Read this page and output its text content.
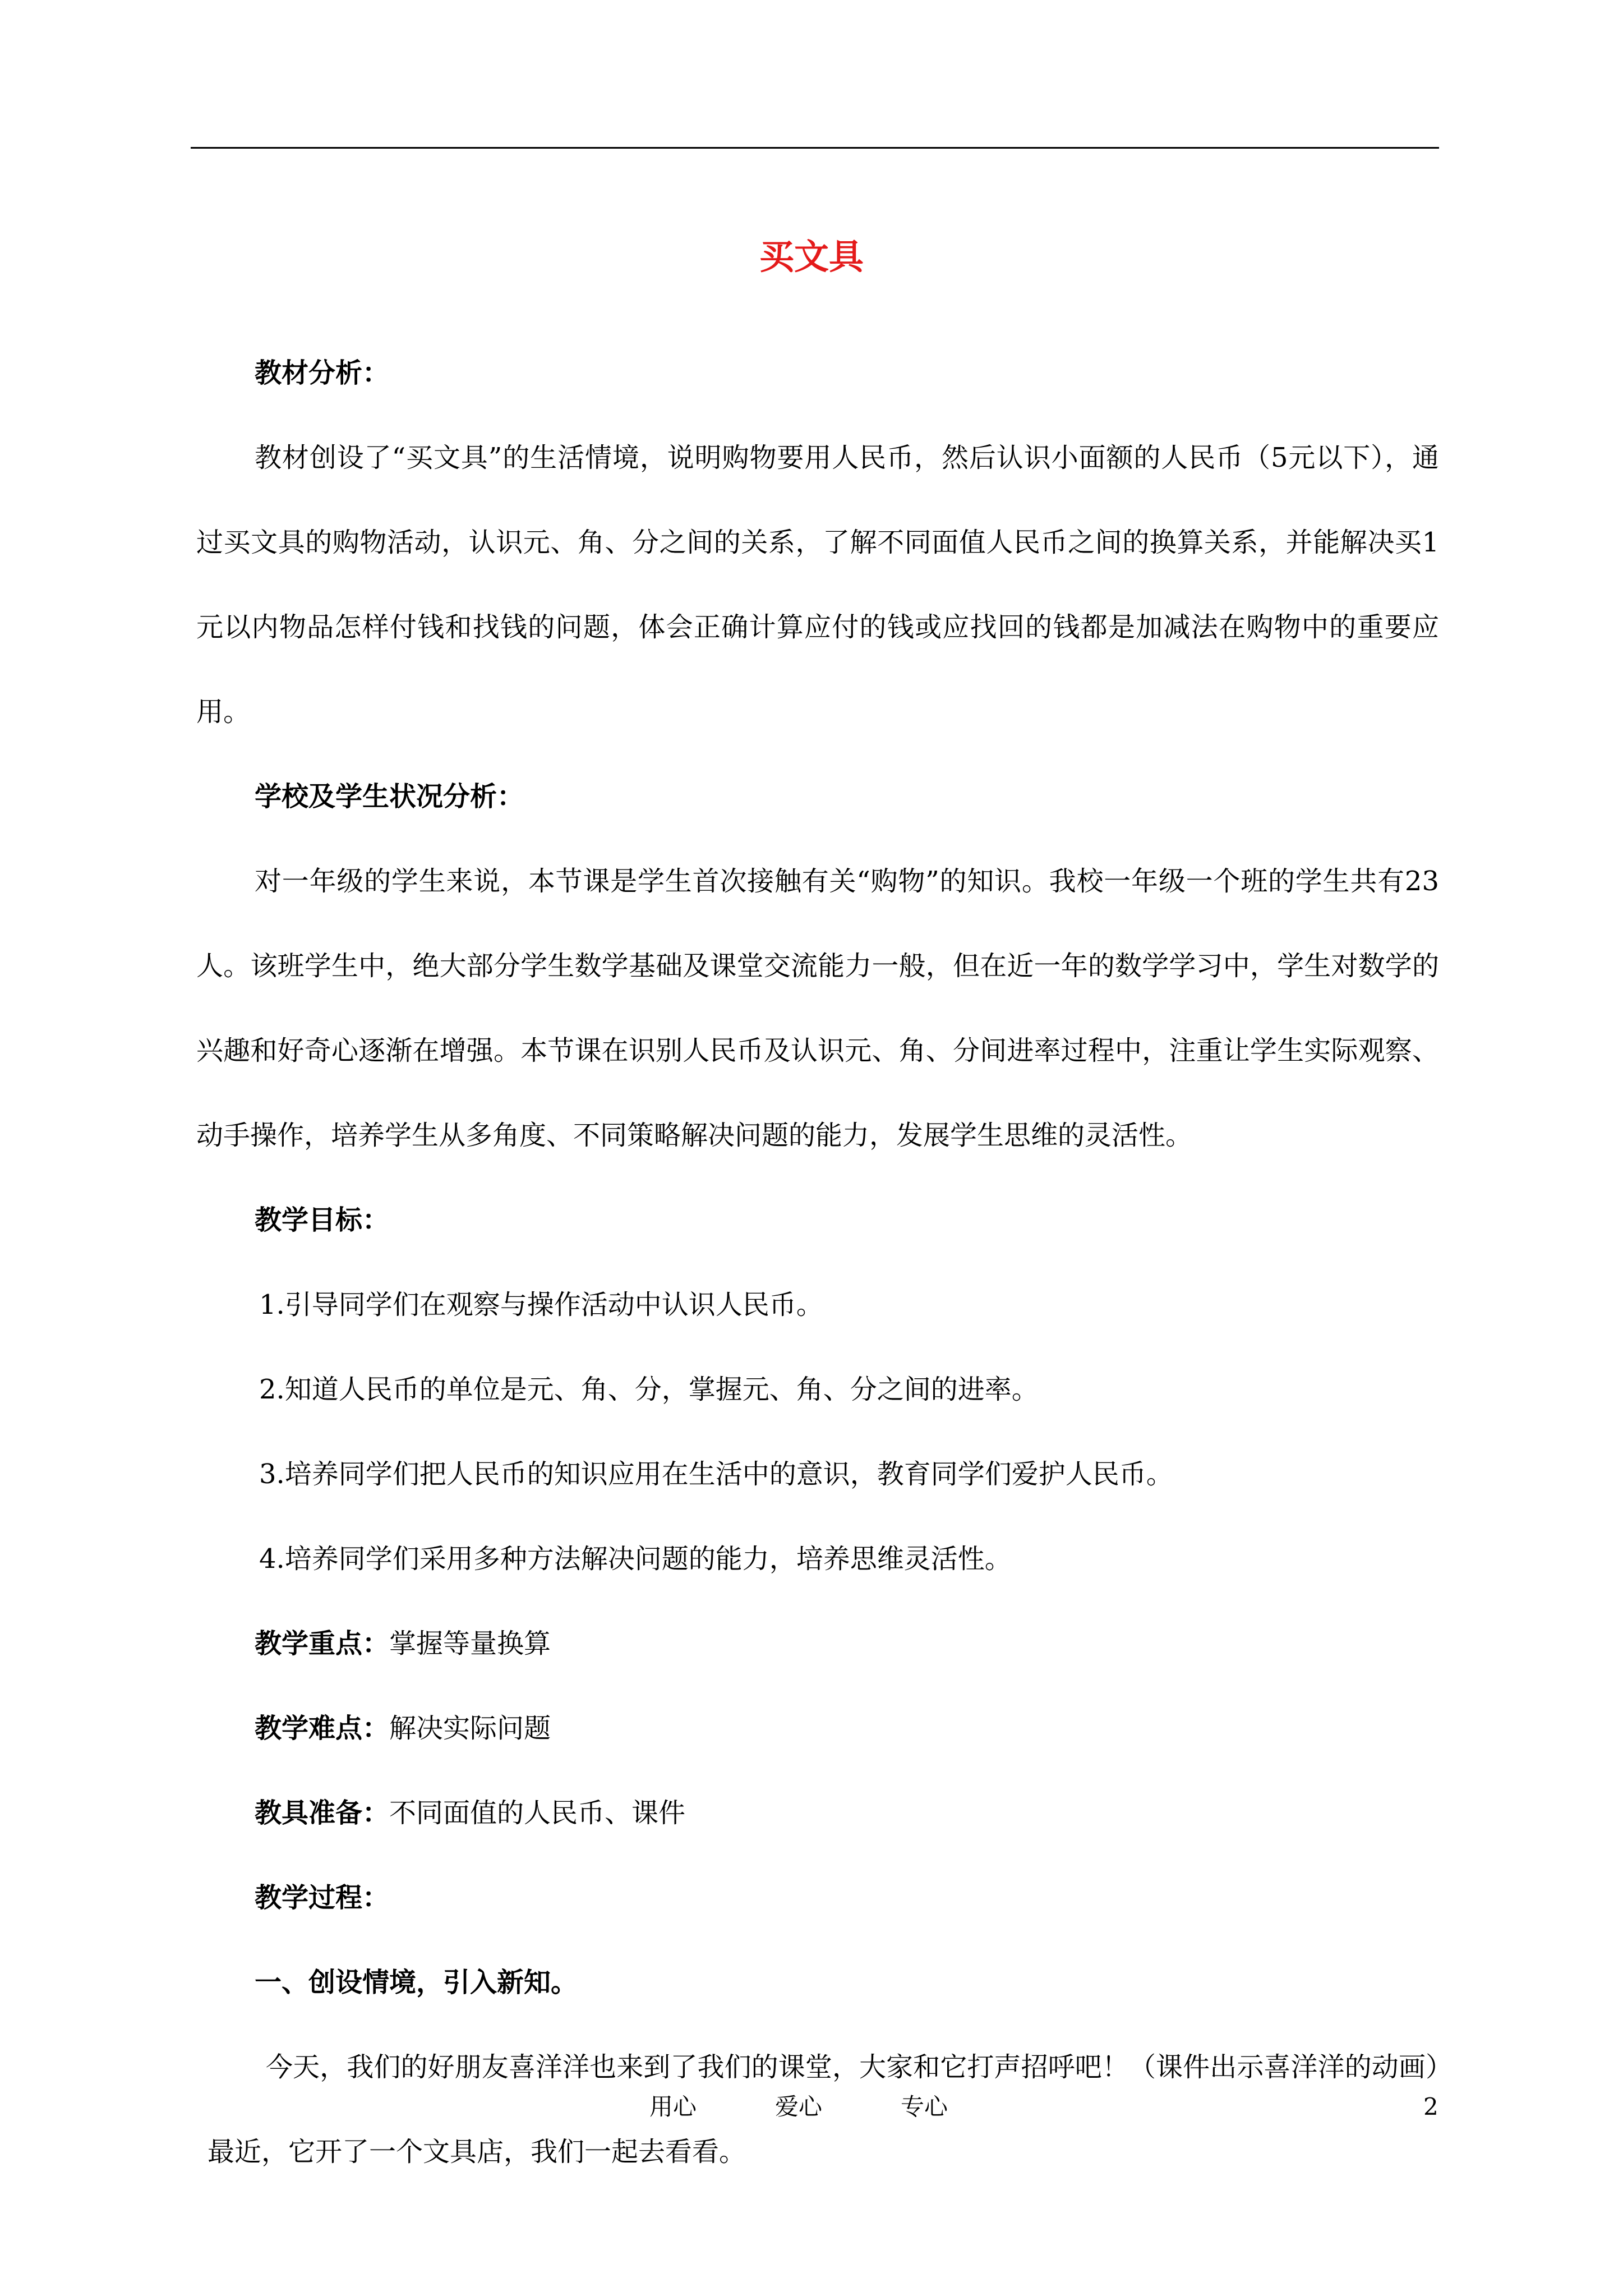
买文具

教材分析：

教材创设了“买文具”的生活情境，说明购物要用人民币，然后认识小面额的人民币（5元以下），通过买文具的购物活动，认识元、角、分之间的关系，了解不同面值人民币之间的换算关系，并能解决买1元以内物品怎样付钱和找钱的问题，体会正确计算应付的钱或应找回的钱都是加减法在购物中的重要应用。

学校及学生状况分析：

对一年级的学生来说，本节课是学生首次接触有关“购物”的知识。我校一年级一个班的学生共有23人。该班学生中，绝大部分学生数学基础及课堂交流能力一般，但在近一年的数学学习中，学生对数学的兴趣和好奇心逐渐在增强。本节课在识别人民币及认识元、角、分间进率过程中，注重让学生实际观察、动手操作，培养学生从多角度、不同策略解决问题的能力，发展学生思维的灵活性。

教学目标：

1.引导同学们在观察与操作活动中认识人民币。

2.知道人民币的单位是元、角、分，掌握元、角、分之间的进率。

3.培养同学们把人民币的知识应用在生活中的意识，教育同学们爱护人民币。

4.培养同学们采用多种方法解决问题的能力，培养思维灵活性。

教学重点：掌握等量换算

教学难点：解决实际问题

教具准备：不同面值的人民币、课件

教学过程：

一、创设情境，引入新知。

今天，我们的好朋友喜洋洋也来到了我们的课堂，大家和它打声招呼吧！（课件出示喜洋洋的动画）最近，它开了一个文具店，我们一起去看看。

用心	爱心	专心	2
